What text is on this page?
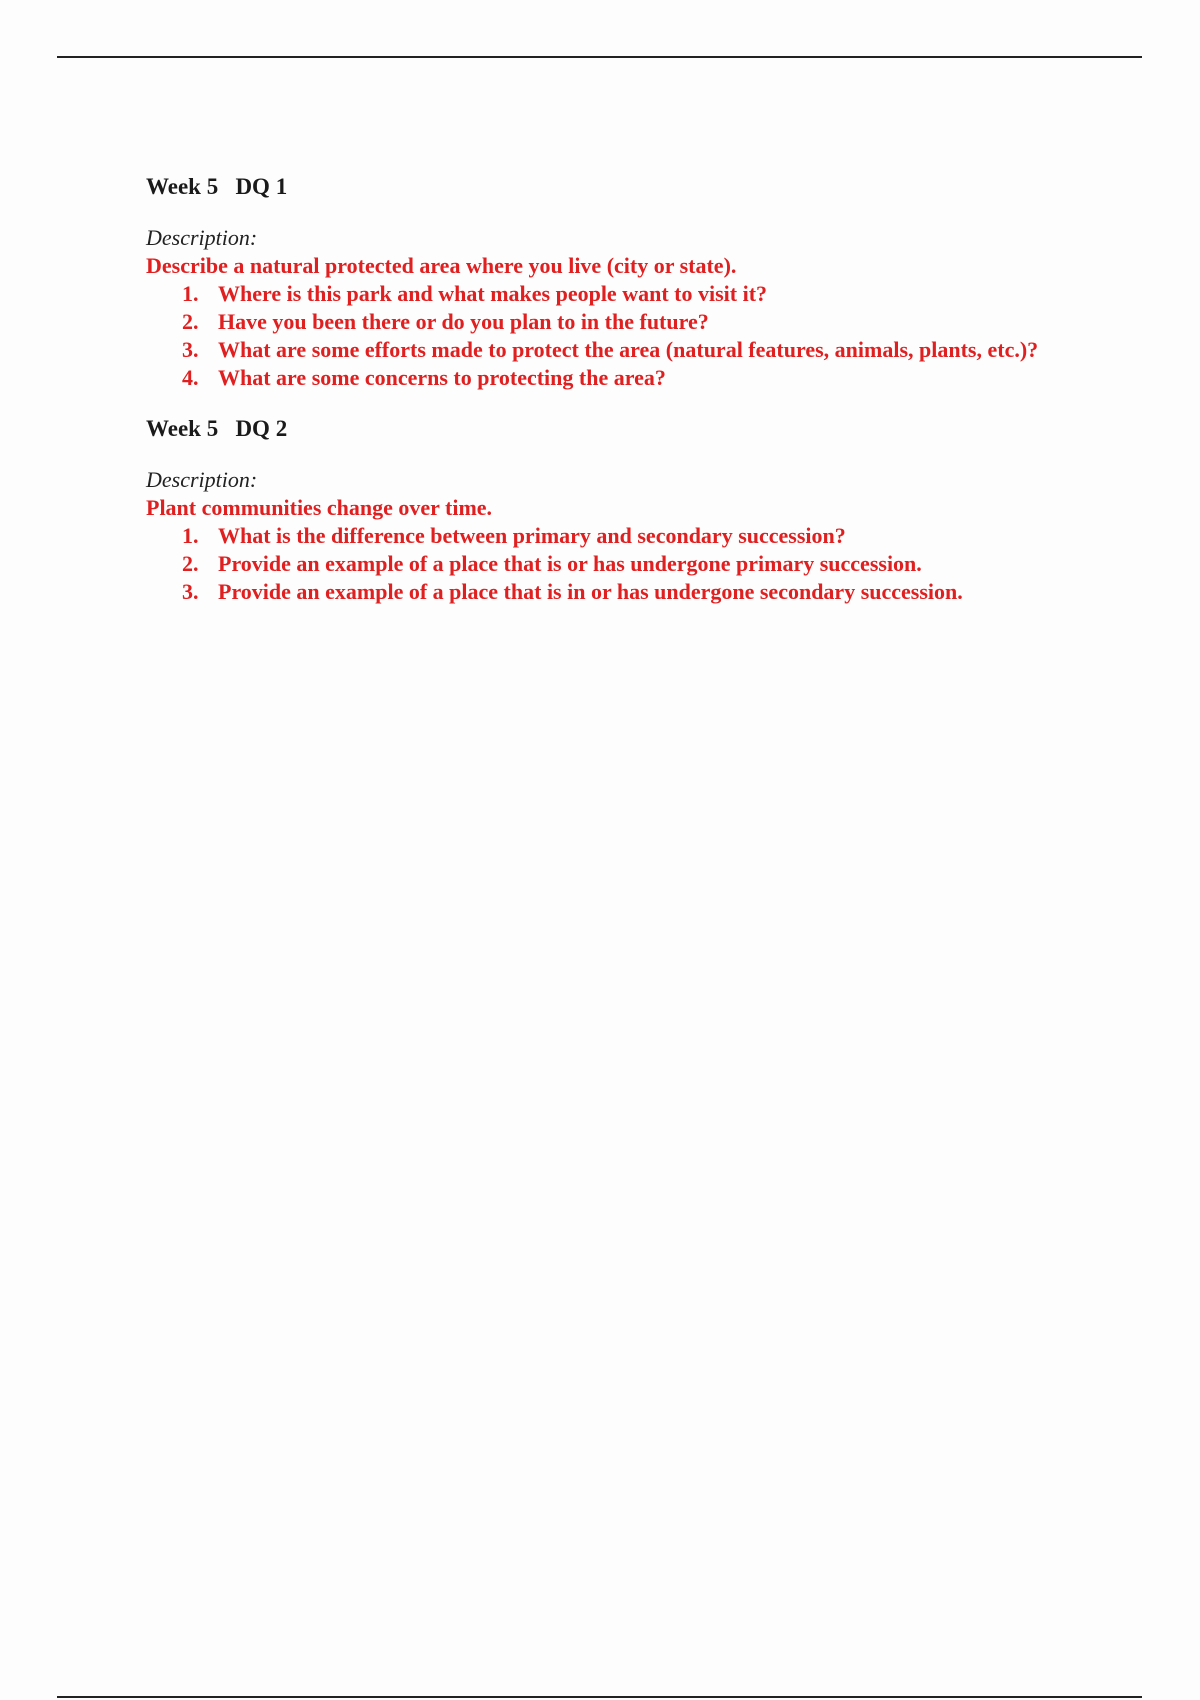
Week 5   DQ 1

Description:

Describe a natural protected area where you live (city or state).

1. Where is this park and what makes people want to visit it?
2. Have you been there or do you plan to in the future?
3. What are some efforts made to protect the area (natural features, animals, plants, etc.)?
4. What are some concerns to protecting the area?

Week 5   DQ 2

Description:

Plant communities change over time.

1. What is the difference between primary and secondary succession?
2. Provide an example of a place that is or has undergone primary succession.
3. Provide an example of a place that is in or has undergone secondary succession.
